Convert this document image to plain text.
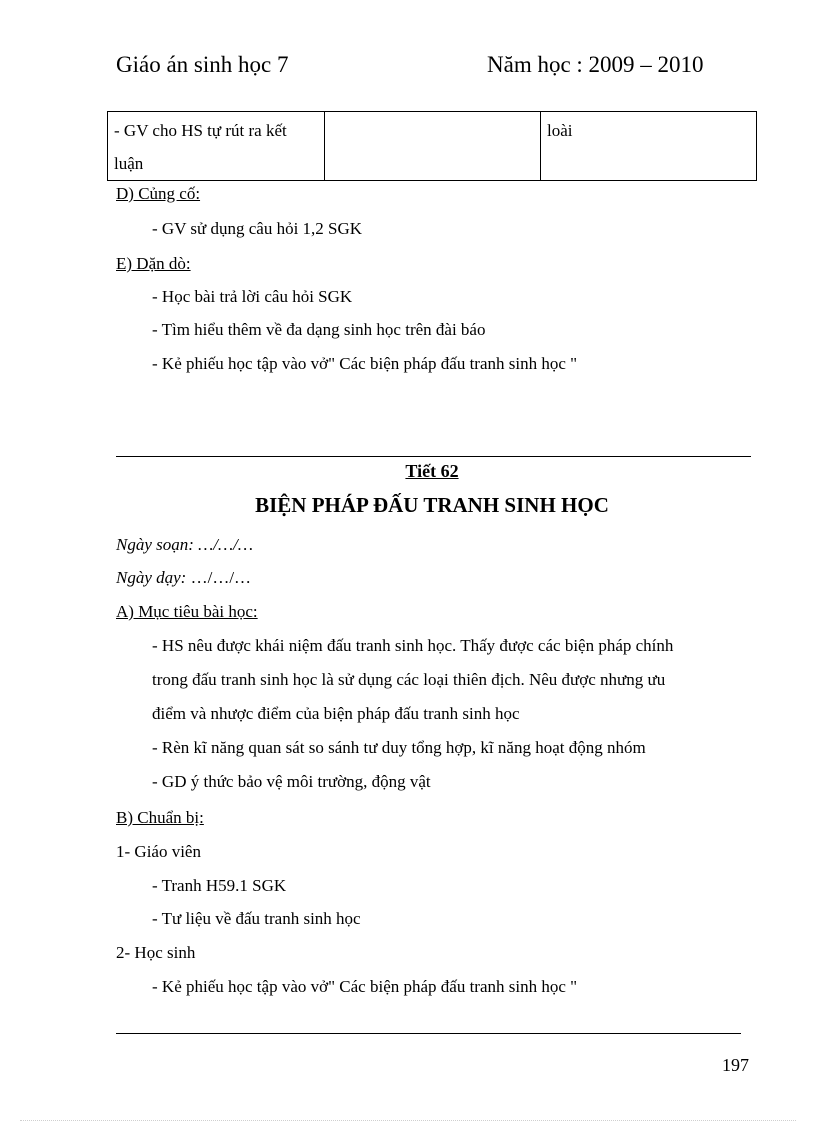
Giáo án sinh học 7	Năm học : 2009 – 2010
- GV cho HS tự rút ra kết luận		loài
D) Củng cố:
- GV sử dụng câu hỏi 1,2 SGK
E) Dặn dò:
- Học bài trả lời câu hỏi SGK
- Tìm hiểu thêm về đa dạng sinh học trên đài báo
- Kẻ phiếu học tập vào vở" Các biện pháp đấu tranh sinh học "
Tiết 62
BIỆN PHÁP ĐẤU TRANH SINH HỌC
Ngày soạn: …/…/…
Ngày dạy: …/…/…
A) Mục tiêu bài học:
- HS nêu được khái niệm đấu tranh sinh học. Thấy được các biện pháp chính
trong đấu tranh sinh học là sử dụng các loại thiên địch. Nêu được nhưng ưu
điểm và nhược điểm của biện pháp đấu tranh sinh học
- Rèn kĩ năng quan sát so sánh tư duy tổng hợp, kĩ năng hoạt động nhóm
- GD ý thức bảo vệ môi trường, động vật
B) Chuẩn bị:
1- Giáo viên
- Tranh H59.1 SGK
- Tư liệu về đấu tranh sinh học
2- Học sinh
- Kẻ phiếu học tập vào vở" Các biện pháp đấu tranh sinh học "
197
